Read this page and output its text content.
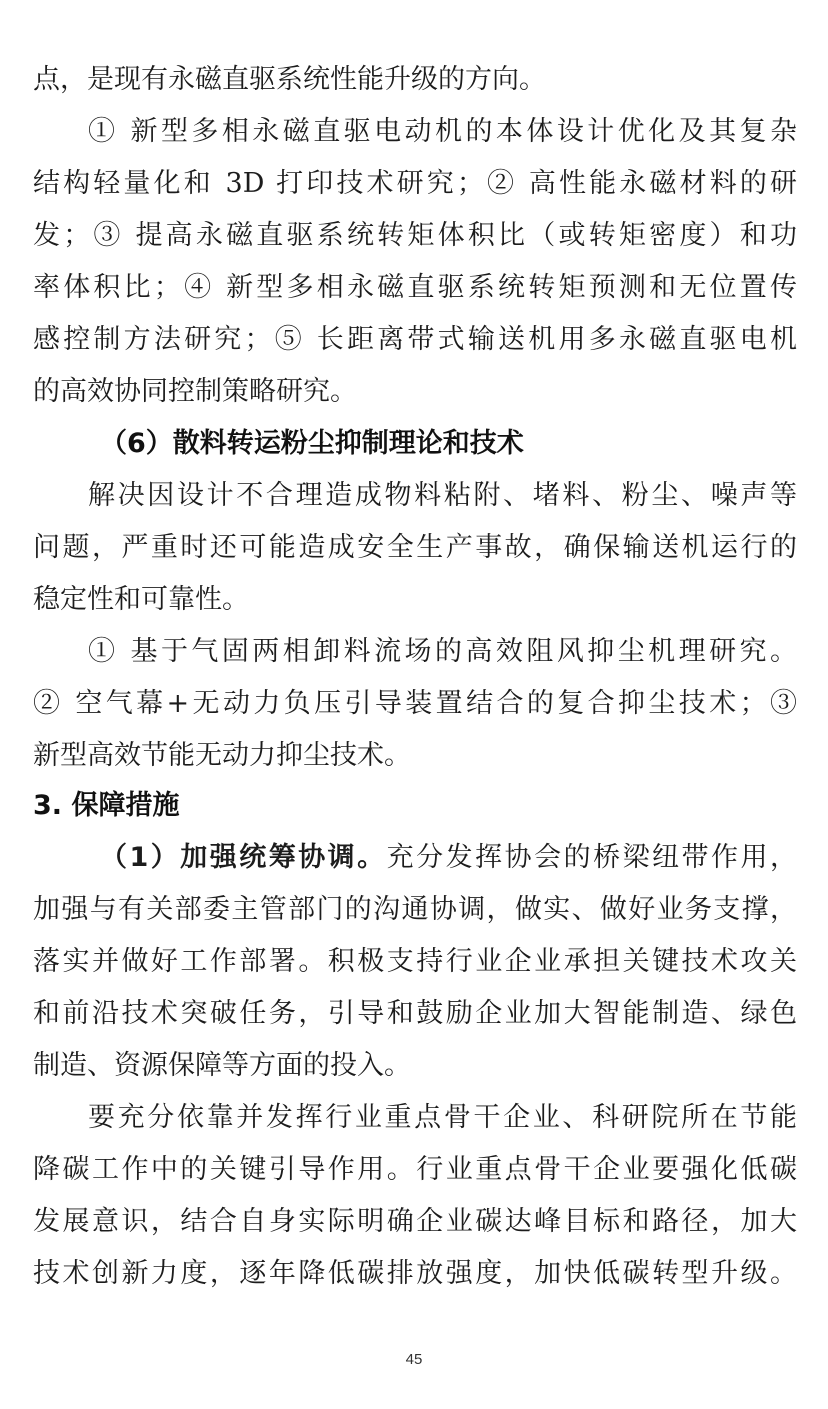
点，是现有永磁直驱系统性能升级的方向。
① 新型多相永磁直驱电动机的本体设计优化及其复杂
结构轻量化和 3D 打印技术研究；② 高性能永磁材料的研
发；③ 提高永磁直驱系统转矩体积比（或转矩密度）和功
率体积比；④ 新型多相永磁直驱系统转矩预测和无位置传
感控制方法研究；⑤ 长距离带式输送机用多永磁直驱电机
的高效协同控制策略研究。
（6）散料转运粉尘抑制理论和技术
解决因设计不合理造成物料粘附、堵料、粉尘、噪声等
问题，严重时还可能造成安全生产事故，确保输送机运行的
稳定性和可靠性。
① 基于气固两相卸料流场的高效阻风抑尘机理研究。
② 空气幕+无动力负压引导装置结合的复合抑尘技术；③
新型高效节能无动力抑尘技术。
3. 保障措施
（1）加强统筹协调。充分发挥协会的桥梁纽带作用，
加强与有关部委主管部门的沟通协调，做实、做好业务支撑，
落实并做好工作部署。积极支持行业企业承担关键技术攻关
和前沿技术突破任务，引导和鼓励企业加大智能制造、绿色
制造、资源保障等方面的投入。
要充分依靠并发挥行业重点骨干企业、科研院所在节能
降碳工作中的关键引导作用。行业重点骨干企业要强化低碳
发展意识，结合自身实际明确企业碳达峰目标和路径，加大
技术创新力度，逐年降低碳排放强度，加快低碳转型升级。
45
